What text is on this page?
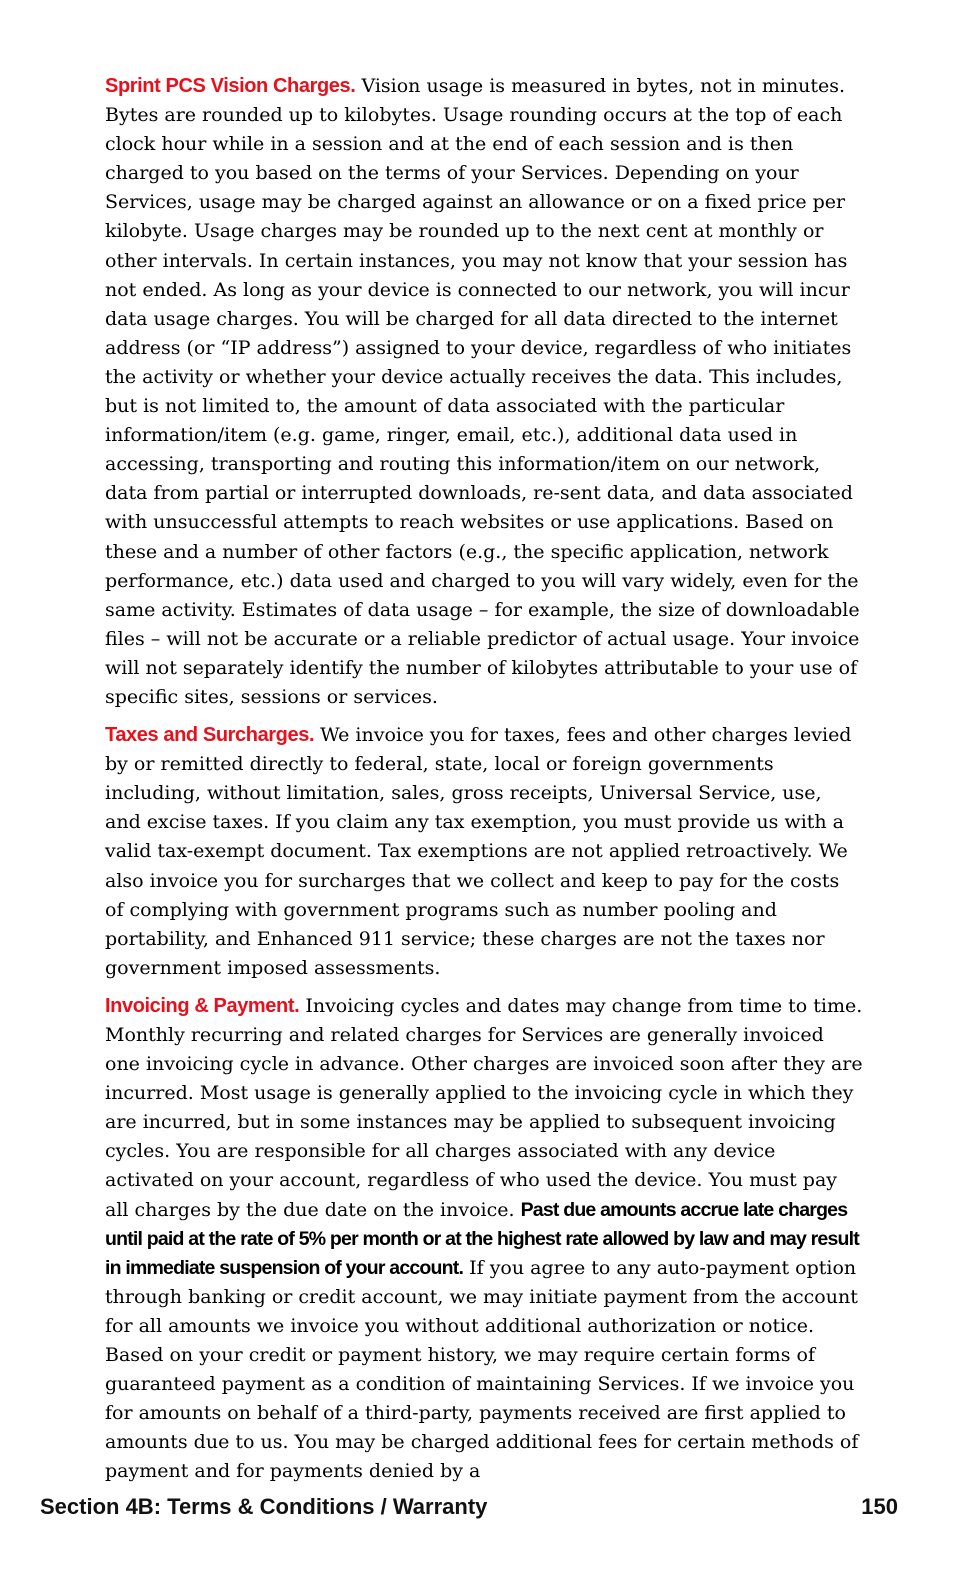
Sprint PCS Vision Charges. Vision usage is measured in bytes, not in minutes. Bytes are rounded up to kilobytes. Usage rounding occurs at the top of each clock hour while in a session and at the end of each session and is then charged to you based on the terms of your Services. Depending on your Services, usage may be charged against an allowance or on a fixed price per kilobyte. Usage charges may be rounded up to the next cent at monthly or other intervals. In certain instances, you may not know that your session has not ended. As long as your device is connected to our network, you will incur data usage charges. You will be charged for all data directed to the internet address (or “IP address”) assigned to your device, regardless of who initiates the activity or whether your device actually receives the data. This includes, but is not limited to, the amount of data associated with the particular information/item (e.g. game, ringer, email, etc.), additional data used in accessing, transporting and routing this information/item on our network, data from partial or interrupted downloads, re-sent data, and data associated with unsuccessful attempts to reach websites or use applications. Based on these and a number of other factors (e.g., the specific application, network performance, etc.) data used and charged to you will vary widely, even for the same activity. Estimates of data usage – for example, the size of downloadable files – will not be accurate or a reliable predictor of actual usage. Your invoice will not separately identify the number of kilobytes attributable to your use of specific sites, sessions or services.

Taxes and Surcharges. We invoice you for taxes, fees and other charges levied by or remitted directly to federal, state, local or foreign governments including, without limitation, sales, gross receipts, Universal Service, use, and excise taxes. If you claim any tax exemption, you must provide us with a valid tax-exempt document. Tax exemptions are not applied retroactively. We also invoice you for surcharges that we collect and keep to pay for the costs of complying with government programs such as number pooling and portability, and Enhanced 911 service; these charges are not the taxes nor government imposed assessments.

Invoicing & Payment. Invoicing cycles and dates may change from time to time. Monthly recurring and related charges for Services are generally invoiced one invoicing cycle in advance. Other charges are invoiced soon after they are incurred. Most usage is generally applied to the invoicing cycle in which they are incurred, but in some instances may be applied to subsequent invoicing cycles. You are responsible for all charges associated with any device activated on your account, regardless of who used the device. You must pay all charges by the due date on the invoice. Past due amounts accrue late charges until paid at the rate of 5% per month or at the highest rate allowed by law and may result in immediate suspension of your account. If you agree to any auto-payment option through banking or credit account, we may initiate payment from the account for all amounts we invoice you without additional authorization or notice. Based on your credit or payment history, we may require certain forms of guaranteed payment as a condition of maintaining Services. If we invoice you for amounts on behalf of a third-party, payments received are first applied to amounts due to us. You may be charged additional fees for certain methods of payment and for payments denied by a

Section 4B: Terms & Conditions / Warranty	150
